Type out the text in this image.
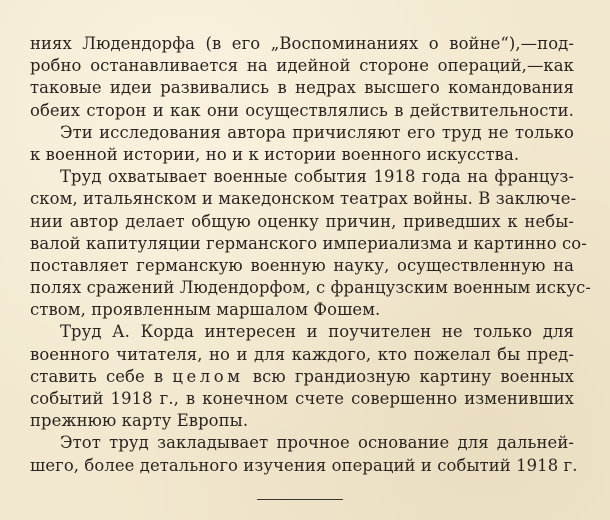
ниях Людендорфа (в его „Воспоминаниях о войне“),—под-
робно останавливается на идейной стороне операций,—как
таковые идеи развивались в недрах высшего командования
обеих сторон и как они осуществлялись в действительности.
Эти исследования автора причисляют его труд не только
к военной истории, но и к истории военного искусства.
Труд охватывает военные события 1918 года на француз-
ском, итальянском и македонском театрах войны. В заключе-
нии автор делает общую оценку причин, приведших к небы-
валой капитуляции германского империализма и картинно со-
поставляет германскую военную науку, осуществленную на
полях сражений Людендорфом, с французским военным искус-
ством, проявленным маршалом Фошем.
Труд А. Корда интересен и поучителен не только для
военного читателя, но и для каждого, кто пожелал бы пред-
ставить себе в целом всю грандиозную картину военных
событий 1918 г., в конечном счете совершенно изменивших
прежнюю карту Европы.
Этот труд закладывает прочное основание для дальней-
шего, более детального изучения операций и событий 1918 г.
